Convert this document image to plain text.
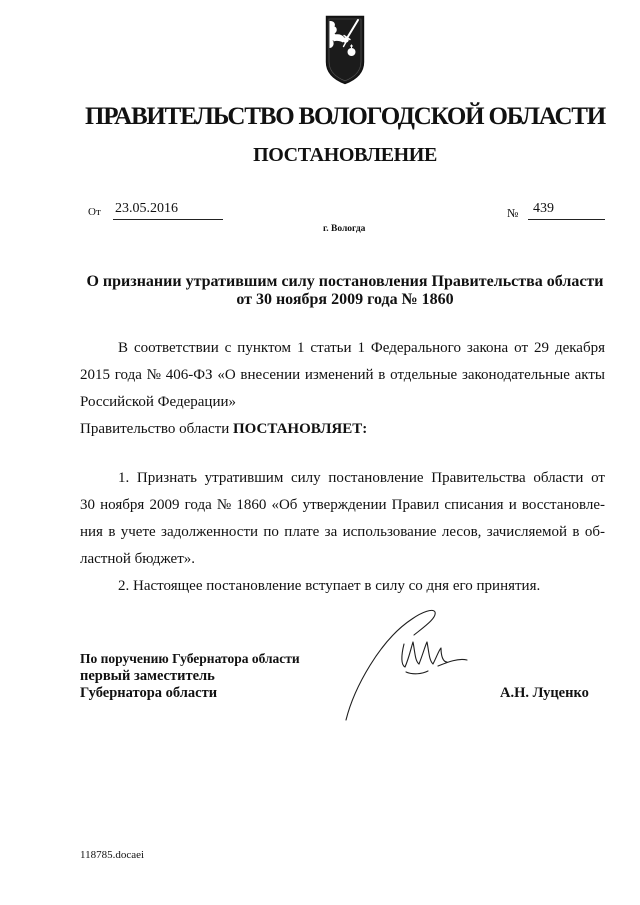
ПРАВИТЕЛЬСТВО ВОЛОГОДСКОЙ ОБЛАСТИ
ПОСТАНОВЛЕНИЕ
От 23.05.2016	№	439
г. Вологда
О признании утратившим силу постановления Правительства области
от 30 ноября 2009 года № 1860
В соответствии с пунктом 1 статьи 1 Федерального закона от 29 декабря
2015 года № 406-ФЗ «О внесении изменений в отдельные законодательные акты
Российской Федерации»
Правительство области ПОСТАНОВЛЯЕТ:
1. Признать утратившим силу постановление Правительства области от
30 ноября 2009 года № 1860 «Об утверждении Правил списания и восстановле-
ния в учете задолженности по плате за использование лесов, зачисляемой в об-
ластной бюджет».
2. Настоящее постановление вступает в силу со дня его принятия.
По поручению Губернатора области
первый заместитель
Губернатора области	А.Н. Луценко
118785.docaei
